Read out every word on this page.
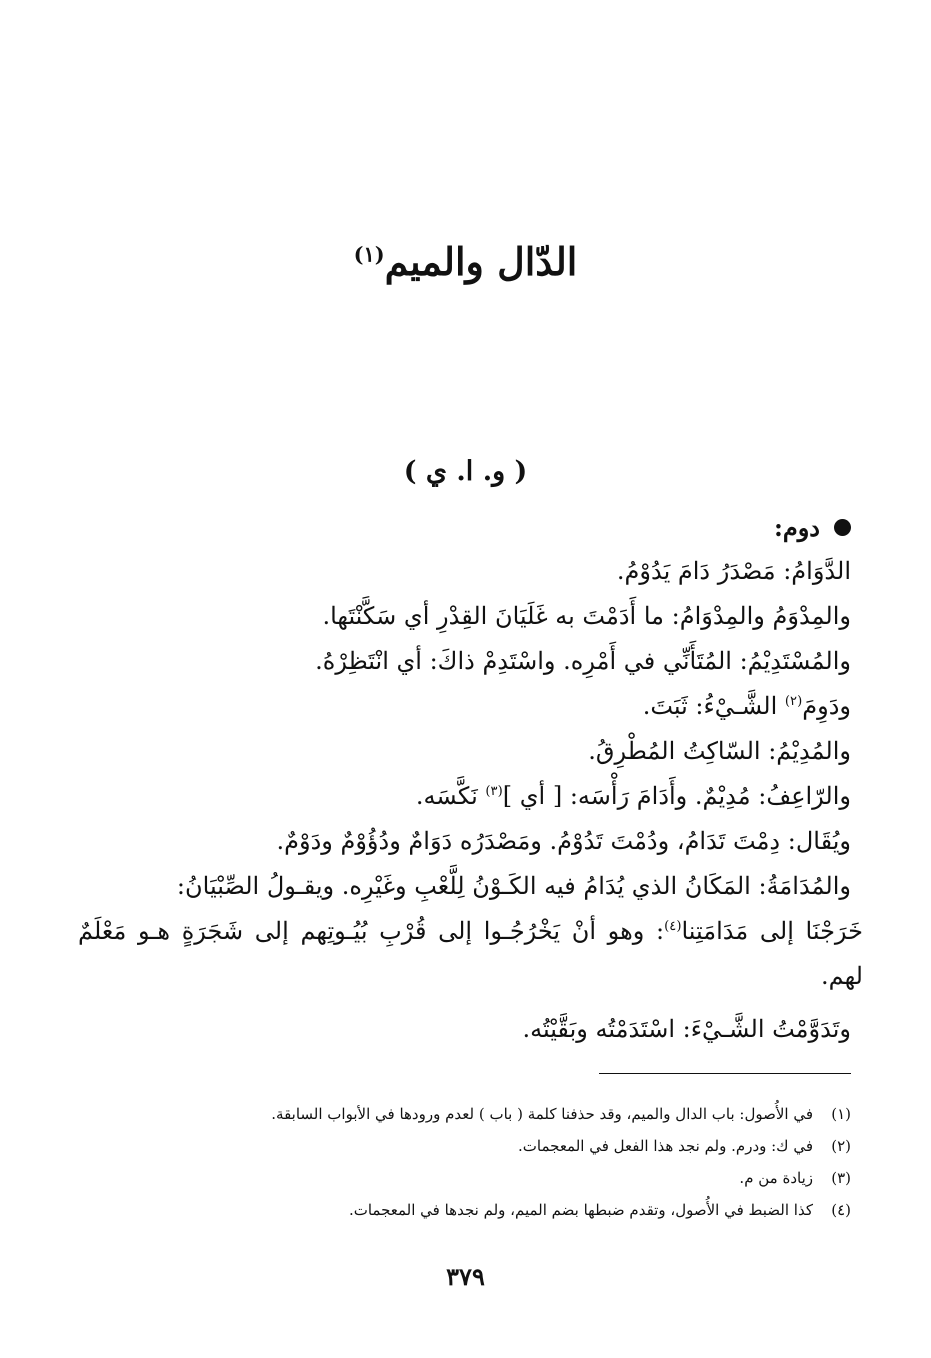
الدّال والميم$^{(١)}$
( و. ا. ي )
دوم:
الدَّوَامُ: مَصْدَرُ دَامَ يَدُوْمُ.
والمِدْوَمُ والمِدْوَامُ: ما أَدَمْتَ به غَلَيَانَ القِدْرِ أي سَكَّنْتَها.
والمُسْتَدِيْمُ: المُتَأَنِّي في أَمْرِه. واسْتَدِمْ ذاكَ: أي انْتَظِرْهُ.
ودَوِمَ$^{(٢)}$ الشَّـيْءُ: ثَبَتَ.
والمُدِيْمُ: السّاكِتُ المُطْرِقُ.
والرّاعِفُ: مُدِيْمٌ. وأَدَامَ رَأْسَه: [ أي ]$^{(٣)}$ نَكَّسَه.
ويُقَال: دِمْتَ تَدَامُ، ودُمْتَ تَدُوْمُ. ومَصْدَرُه دَوَامٌ ودُؤُوْمٌ ودَوْمٌ.
والمُدَامَةُ: المَكَانُ الذي يُدَامُ فيه الكَـوْنُ لِلَّعْبِ وغَيْرِه. ويقـولُ الصِّبْيَانُ:
خَرَجْنَا إلى مَدَامَتِنا$^{(٤)}$: وهو أنْ يَخْرُجُـوا إلى قُرْبِ بُيُـوتِهم إلى شَجَرَةٍ هـو مَعْلَمٌ
لهم.
وتَدَوَّمْتُ الشَّـيْءَ: اسْتَدَمْتُه وبَقَّيْتُه.
(١)في الأُصول: باب الدال والميم، وقد حذفنا كلمة ( باب ) لعدم ورودها في الأبواب السابقة.
(٢)في ك: ودرم. ولم نجد هذا الفعل في المعجمات.
(٣)زيادة من م.
(٤)كذا الضبط في الأُصول، وتقدم ضبطها بضم الميم، ولم نجدها في المعجمات.
٣٧٩
